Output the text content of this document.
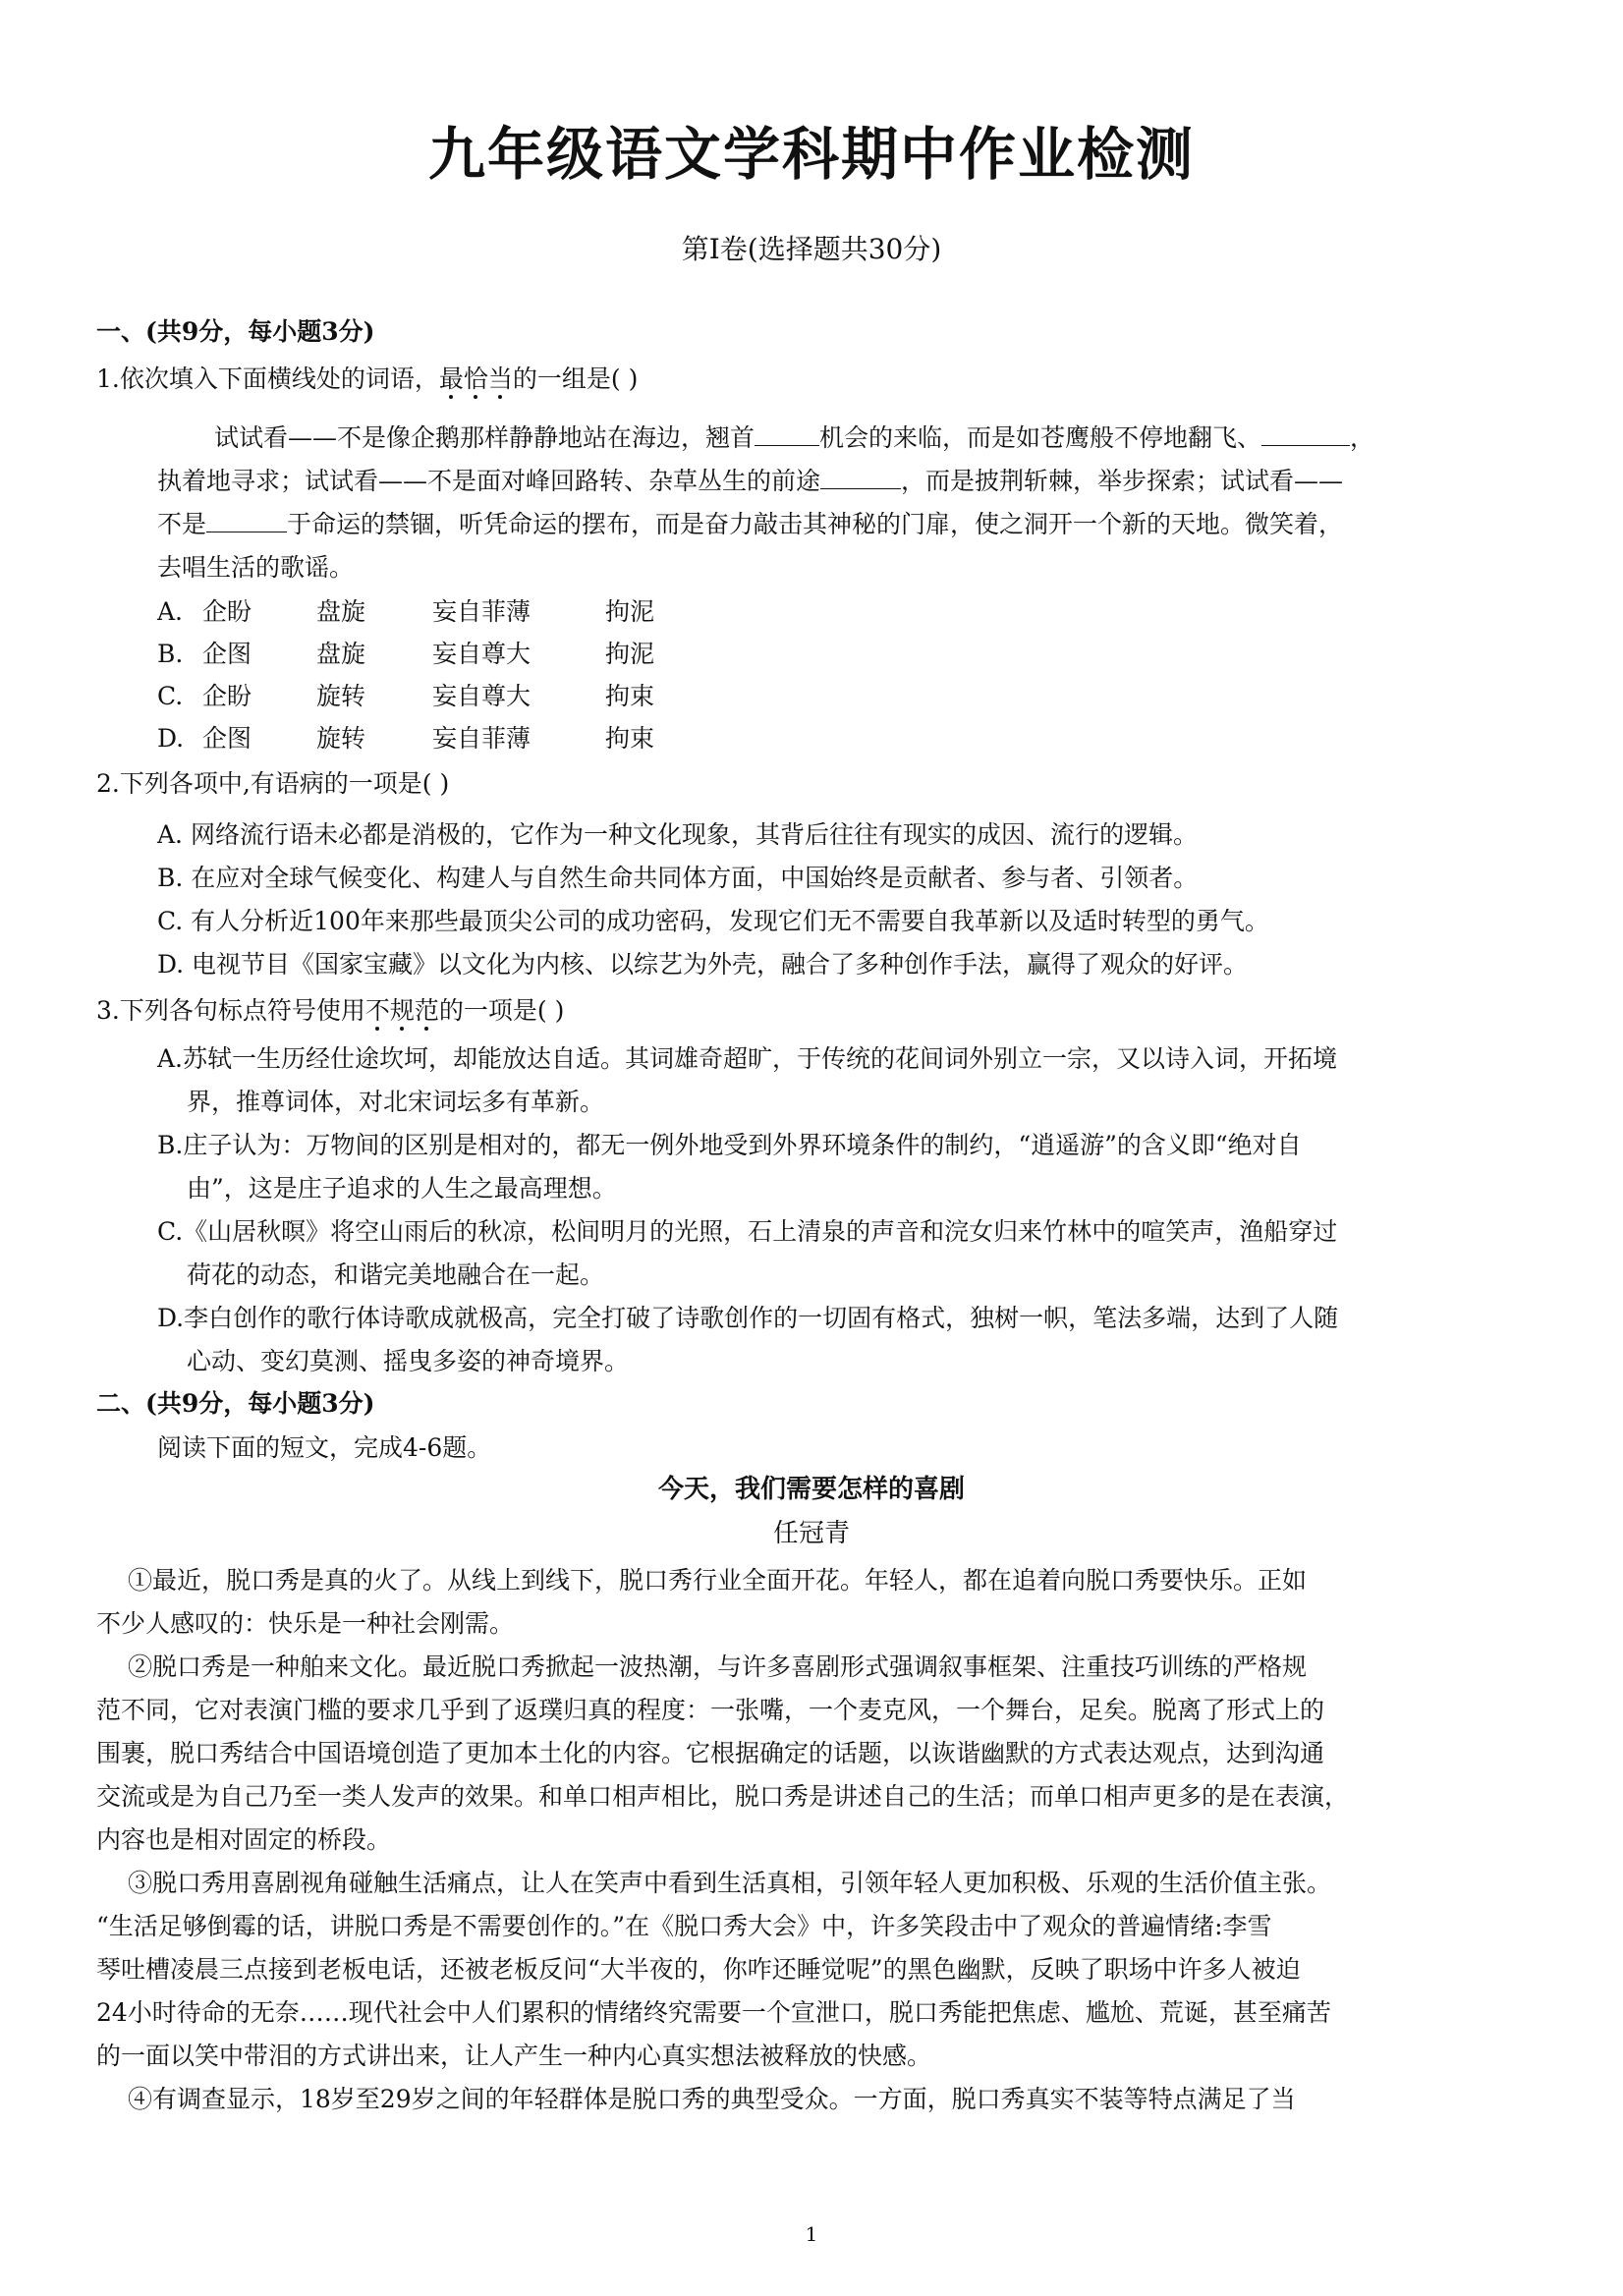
九年级语文学科期中作业检测
第Ⅰ卷(选择题共30分)
一、(共9分，每小题3分)
1.依次填入下面横线处的词语，最恰当的一组是( )
试试看——不是像企鹅那样静静地站在海边，翘首	机会的来临，而是如苍鹰般不停地翻飞、	，
执着地寻求；试试看——不是面对峰回路转、杂草丛生的前途	，而是披荆斩棘，举步探索；试试看——
不是	于命运的禁锢，听凭命运的摆布，而是奋力敲击其神秘的门扉，使之洞开一个新的天地。微笑着，
去唱生活的歌谣。
A. 企盼	盘旋	妄自菲薄	拘泥
B. 企图	盘旋	妄自尊大	拘泥
C. 企盼	旋转	妄自尊大	拘束
D. 企图	旋转	妄自菲薄	拘束
2.下列各项中,有语病的一项是( )
A. 网络流行语未必都是消极的，它作为一种文化现象，其背后往往有现实的成因、流行的逻辑。
B. 在应对全球气候变化、构建人与自然生命共同体方面，中国始终是贡献者、参与者、引领者。
C. 有人分析近100年来那些最顶尖公司的成功密码，发现它们无不需要自我革新以及适时转型的勇气。
D. 电视节目《国家宝藏》以文化为内核、以综艺为外壳，融合了多种创作手法，赢得了观众的好评。
3.下列各句标点符号使用不规范的一项是( )
A.苏轼一生历经仕途坎坷，却能放达自适。其词雄奇超旷，于传统的花间词外别立一宗，又以诗入词，开拓境
界，推尊词体，对北宋词坛多有革新。
B.庄子认为：万物间的区别是相对的，都无一例外地受到外界环境条件的制约，“逍遥游”的含义即“绝对自
由”，这是庄子追求的人生之最高理想。
C.《山居秋暝》将空山雨后的秋凉，松间明月的光照，石上清泉的声音和浣女归来竹林中的喧笑声，渔船穿过
荷花的动态，和谐完美地融合在一起。
D.李白创作的歌行体诗歌成就极高，完全打破了诗歌创作的一切固有格式，独树一帜，笔法多端，达到了人随
心动、变幻莫测、摇曳多姿的神奇境界。
二、(共9分，每小题3分)
阅读下面的短文，完成4-6题。
今天，我们需要怎样的喜剧
任冠青
①最近，脱口秀是真的火了。从线上到线下，脱口秀行业全面开花。年轻人，都在追着向脱口秀要快乐。正如
不少人感叹的：快乐是一种社会刚需。
②脱口秀是一种舶来文化。最近脱口秀掀起一波热潮，与许多喜剧形式强调叙事框架、注重技巧训练的严格规
范不同，它对表演门槛的要求几乎到了返璞归真的程度：一张嘴，一个麦克风，一个舞台，足矣。脱离了形式上的
围裹，脱口秀结合中国语境创造了更加本土化的内容。它根据确定的话题，以诙谐幽默的方式表达观点，达到沟通
交流或是为自己乃至一类人发声的效果。和单口相声相比，脱口秀是讲述自己的生活；而单口相声更多的是在表演，
内容也是相对固定的桥段。
③脱口秀用喜剧视角碰触生活痛点，让人在笑声中看到生活真相，引领年轻人更加积极、乐观的生活价值主张。
“生活足够倒霉的话，讲脱口秀是不需要创作的。”在《脱口秀大会》中，许多笑段击中了观众的普遍情绪:李雪
琴吐槽凌晨三点接到老板电话，还被老板反问“大半夜的，你咋还睡觉呢”的黑色幽默，反映了职场中许多人被迫
24小时待命的无奈……现代社会中人们累积的情绪终究需要一个宣泄口，脱口秀能把焦虑、尴尬、荒诞，甚至痛苦
的一面以笑中带泪的方式讲出来，让人产生一种内心真实想法被释放的快感。
④有调查显示，18岁至29岁之间的年轻群体是脱口秀的典型受众。一方面，脱口秀真实不装等特点满足了当
1
